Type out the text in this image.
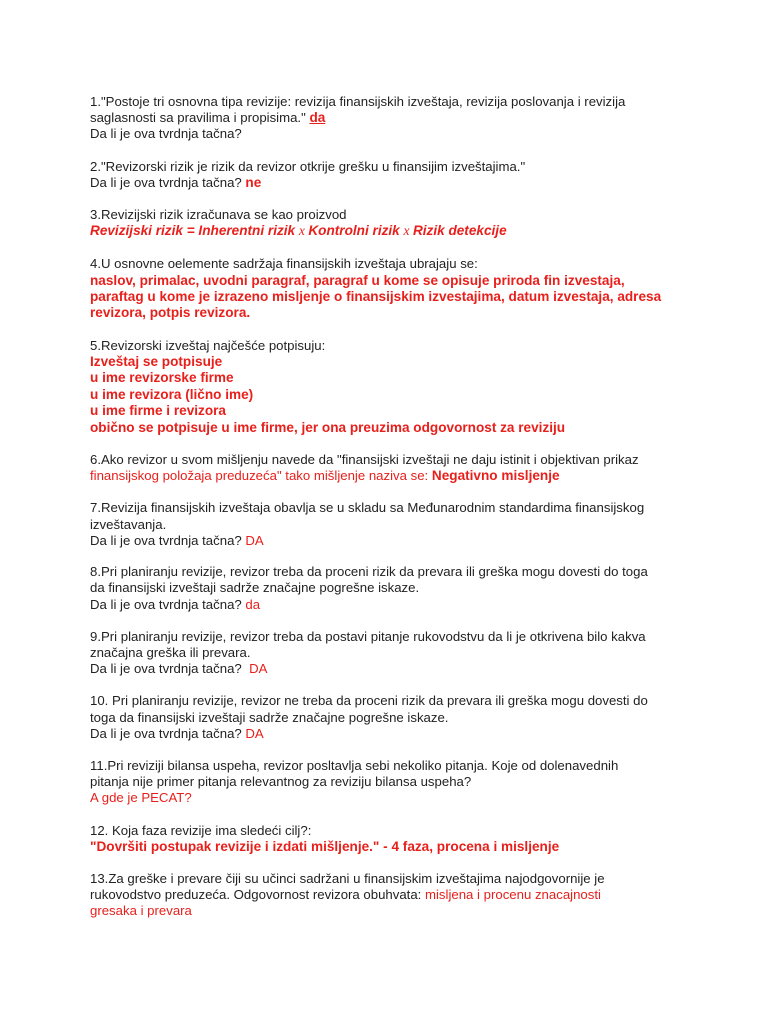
1."Postoje tri osnovna tipa revizije: revizija finansijskih izveštaja, revizija poslovanja i revizija
saglasnosti sa pravilima i propisima." da
Da li je ova tvrdnja tačna?
2."Revizorski rizik je rizik da revizor otkrije grešku u finansijim izveštajima."
Da li je ova tvrdnja tačna? ne
3.Revizijski rizik izračunava se kao proizvod
Revizijski rizik = Inherentni rizik x Kontrolni rizik x Rizik detekcije
4.U osnovne oelemente sadržaja finansijskih izveštaja ubrajaju se:
naslov, primalac, uvodni paragraf, paragraf u kome se opisuje priroda fin izvestaja,
paraftag u kome je izrazeno misljenje o finansijskim izvestajima, datum izvestaja, adresa
revizora, potpis revizora.
5.Revizorski izveštaj najčešće potpisuju:
Izveštaj se potpisuje
u ime revizorske firme
u ime revizora (lično ime)
u ime firme i revizora
obično se potpisuje u ime firme, jer ona preuzima odgovornost za reviziju
6.Ako revizor u svom mišljenju navede da "finansijski izveštaji ne daju istinit i objektivan prikaz
finansijskog položaja preduzeća" tako mišljenje naziva se: Negativno misljenje
7.Revizija finansijskih izveštaja obavlja se u skladu sa Međunarodnim standardima finansijskog
izveštavanja.
Da li je ova tvrdnja tačna? DA
8.Pri planiranju revizije, revizor treba da proceni rizik da prevara ili greška mogu dovesti do toga
da finansijski izveštaji sadrže značajne pogrešne iskaze.
Da li je ova tvrdnja tačna? da
9.Pri planiranju revizije, revizor treba da postavi pitanje rukovodstvu da li je otkrivena bilo kakva
značajna greška ili prevara.
Da li je ova tvrdnja tačna?  DA
10. Pri planiranju revizije, revizor ne treba da proceni rizik da prevara ili greška mogu dovesti do
toga da finansijski izveštaji sadrže značajne pogrešne iskaze.
Da li je ova tvrdnja tačna? DA
11.Pri reviziji bilansa uspeha, revizor posltavlja sebi nekoliko pitanja. Koje od dolenavednih
pitanja nije primer pitanja relevantnog za reviziju bilansa uspeha?
A gde je PECAT?
12. Koja faza revizije ima sledeći cilj?:
"Dovršiti postupak revizije i izdati mišljenje." - 4 faza, procena i misljenje
13.Za greške i prevare čiji su učinci sadržani u finansijskim izveštajima najodgovornije je
rukovodstvo preduzeća. Odgovornost revizora obuhvata: misljena i procenu znacajnosti
gresaka i prevara
